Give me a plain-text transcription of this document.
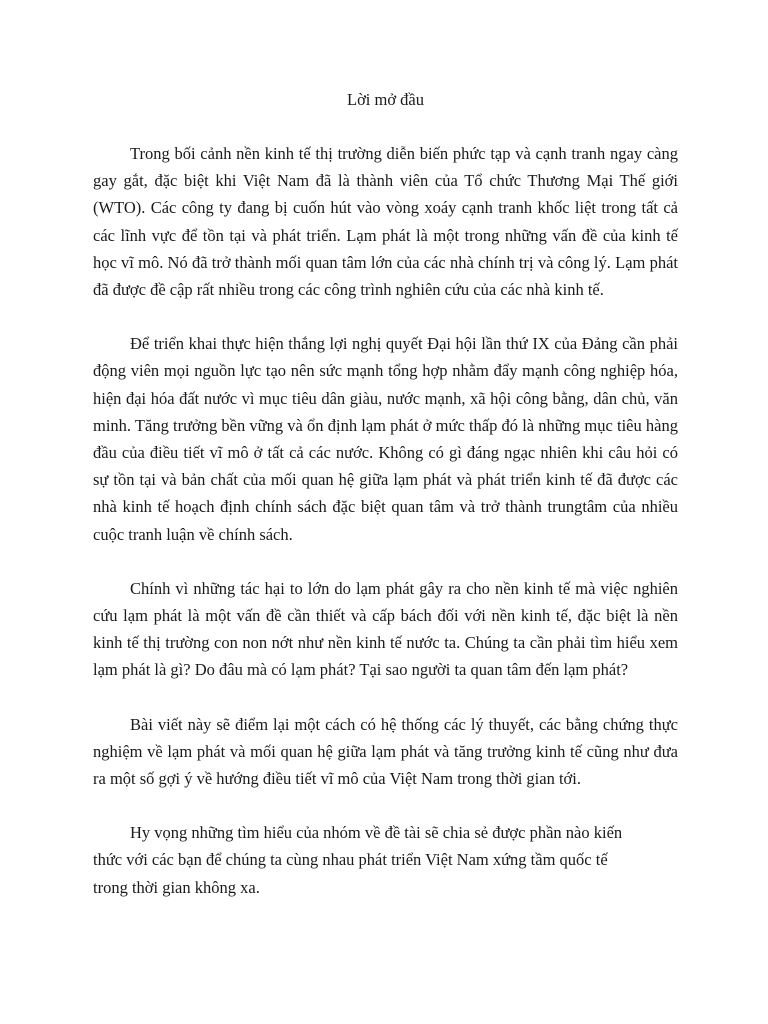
Lời mở đầu

Trong bối cảnh nền kinh tế thị trường diễn biến phức tạp và cạnh tranh ngay càng gay gắt, đặc biệt khi Việt Nam đã là thành viên của Tổ chức Thương Mại Thế giới (WTO). Các công ty đang bị cuốn hút vào vòng xoáy cạnh tranh khốc liệt trong tất cả các lĩnh vực để tồn tại và phát triển. Lạm phát là một trong những vấn đề của kinh tế học vĩ mô. Nó đã trở thành mối quan tâm lớn của các nhà chính trị và công lý. Lạm phát đã được đề cập rất nhiều trong các công trình nghiên cứu của các nhà kinh tế.

Để triển khai thực hiện thắng lợi nghị quyết Đại hội lần thứ IX của Đảng cần phải động viên mọi nguồn lực tạo nên sức mạnh tổng hợp nhằm đẩy mạnh công nghiệp hóa, hiện đại hóa đất nước vì mục tiêu dân giàu, nước mạnh, xã hội công bằng, dân chủ, văn minh. Tăng trưởng bền vững và ổn định lạm phát ở mức thấp đó là những mục tiêu hàng đầu của điều tiết vĩ mô ở tất cả các nước. Không có gì đáng ngạc nhiên khi câu hỏi có sự tồn tại và bản chất của mối quan hệ giữa lạm phát và phát triển kinh tế đã được các nhà kinh tế hoạch định chính sách đặc biệt quan tâm và trở thành trungtâm của nhiều cuộc tranh luận về chính sách.

Chính vì những tác hại to lớn do lạm phát gây ra cho nền kinh tế mà việc nghiên cứu lạm phát là một vấn đề cần thiết và cấp bách đối với nền kinh tế, đặc biệt là nền kinh tế thị trường con non nớt như nền kinh tế nước ta. Chúng ta cần phải tìm hiểu xem lạm phát là gì? Do đâu mà có lạm phát? Tại sao người ta quan tâm đến lạm phát?

Bài viết này sẽ điểm lại một cách có hệ thống các lý thuyết, các bằng chứng thực nghiệm về lạm phát và mối quan hệ giữa lạm phát và tăng trưởng kinh tế cũng như đưa ra một số gợi ý về hướng điều tiết vĩ mô của Việt Nam trong thời gian tới.

Hy vọng những tìm hiểu của nhóm về đề tài sẽ chia sẻ được phần nào kiến thức với các bạn để chúng ta cùng nhau phát triển Việt Nam xứng tầm quốc tế trong thời gian không xa.
